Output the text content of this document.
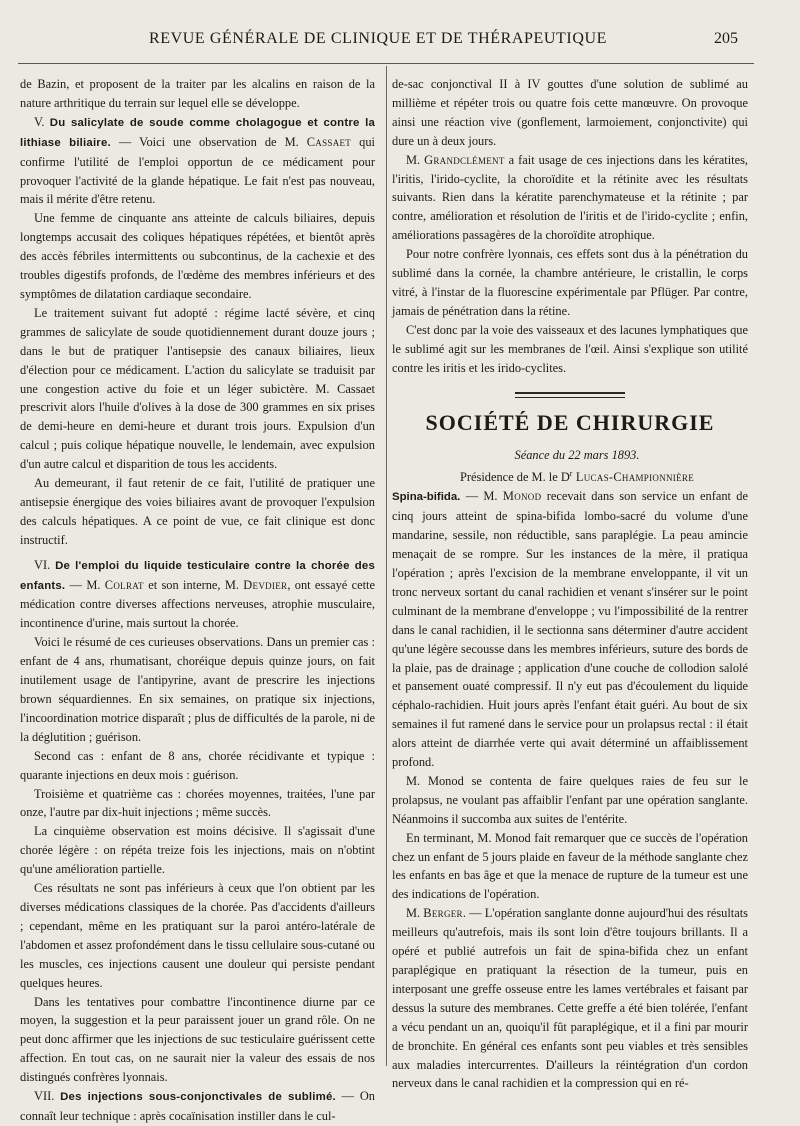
REVUE GÉNÉRALE DE CLINIQUE ET DE THÉRAPEUTIQUE	205

de Bazin, et proposent de la traiter par les alcalins en raison de la nature arthritique du terrain sur lequel elle se développe.

V. Du salicylate de soude comme cholagogue et contre la lithiase biliaire. — Voici une observation de M. Cassaet qui confirme l'utilité de l'emploi opportun de ce médicament pour provoquer l'activité de la glande hépatique. Le fait n'est pas nouveau, mais il mérite d'être retenu.

Une femme de cinquante ans atteinte de calculs biliaires, depuis longtemps accusait des coliques hépatiques répétées, et bientôt après des accès fébriles intermittents ou subcontinus, de la cachexie et des troubles digestifs profonds, de l'œdème des membres inférieurs et des symptômes de dilatation cardiaque secondaire.

Le traitement suivant fut adopté : régime lacté sévère, et cinq grammes de salicylate de soude quotidiennement durant douze jours ; dans le but de pratiquer l'antisepsie des canaux biliaires, lieux d'élection pour ce médicament. L'action du salicylate se traduisit par une congestion active du foie et un léger subictère. M. Cassaet prescrivit alors l'huile d'olives à la dose de 300 grammes en six prises de demi-heure en demi-heure et durant trois jours. Expulsion d'un calcul ; puis colique hépatique nouvelle, le lendemain, avec expulsion d'un autre calcul et disparition de tous les accidents.

Au demeurant, il faut retenir de ce fait, l'utilité de pratiquer une antisepsie énergique des voies biliaires avant de provoquer l'expulsion des calculs hépatiques. A ce point de vue, ce fait clinique est donc instructif.

VI. De l'emploi du liquide testiculaire contre la chorée des enfants. — M. Colrat et son interne, M. Devdier, ont essayé cette médication contre diverses affections nerveuses, atrophie musculaire, incontinence d'urine, mais surtout la chorée.

Voici le résumé de ces curieuses observations. Dans un premier cas : enfant de 4 ans, rhumatisant, choréique depuis quinze jours, on fait inutilement usage de l'antipyrine, avant de prescrire les injections brown séquardiennes. En six semaines, on pratique six injections, l'incoordination motrice disparaît ; plus de difficultés de la parole, ni de la déglutition ; guérison.

Second cas : enfant de 8 ans, chorée récidivante et typique : quarante injections en deux mois : guérison.

Troisième et quatrième cas : chorées moyennes, traitées, l'une par onze, l'autre par dix-huit injections ; même succès.

La cinquième observation est moins décisive. Il s'agissait d'une chorée légère : on répéta treize fois les injections, mais on n'obtint qu'une amélioration partielle.

Ces résultats ne sont pas inférieurs à ceux que l'on obtient par les diverses médications classiques de la chorée. Pas d'accidents d'ailleurs ; cependant, même en les pratiquant sur la paroi antéro-latérale de l'abdomen et assez profondément dans le tissu cellulaire sous-cutané ou les muscles, ces injections causent une douleur qui persiste pendant quelques heures.

Dans les tentatives pour combattre l'incontinence diurne par ce moyen, la suggestion et la peur paraissent jouer un grand rôle. On ne peut donc affirmer que les injections de suc testiculaire guérissent cette affection. En tout cas, on ne saurait nier la valeur des essais de nos distingués confrères lyonnais.

VII. Des injections sous-conjonctivales de sublimé. — On connaît leur technique : après cocaïnisation instiller dans le cul-

de-sac conjonctival II à IV gouttes d'une solution de sublimé au millième et répéter trois ou quatre fois cette manœuvre. On provoque ainsi une réaction vive (gonflement, larmoiement, conjonctivite) qui dure un à deux jours.

M. Grandclément a fait usage de ces injections dans les kératites, l'iritis, l'irido-cyclite, la choroïdite et la rétinite avec les résultats suivants. Rien dans la kératite parenchymateuse et la rétinite ; par contre, amélioration et résolution de l'iritis et de l'irido-cyclite ; enfin, améliorations passagères de la choroïdite atrophique.

Pour notre confrère lyonnais, ces effets sont dus à la pénétration du sublimé dans la cornée, la chambre antérieure, le cristallin, le corps vitré, à l'instar de la fluorescine expérimentale par Pflüger. Par contre, jamais de pénétration dans la rétine.

C'est donc par la voie des vaisseaux et des lacunes lymphatiques que le sublimé agit sur les membranes de l'œil. Ainsi s'explique son utilité contre les iritis et les irido-cyclites.

SOCIÉTÉ DE CHIRURGIE

Séance du 22 mars 1893.

Présidence de M. le $D^r$ Lucas-Championnière

Spina-bifida. — M. Monod recevait dans son service un enfant de cinq jours atteint de spina-bifida lombo-sacré du volume d'une mandarine, sessile, non réductible, sans paraplégie. La peau amincie menaçait de se rompre. Sur les instances de la mère, il pratiqua l'opération ; après l'excision de la membrane enveloppante, il vit un tronc nerveux sortant du canal rachidien et venant s'insérer sur le point culminant de la membrane d'enveloppe ; vu l'impossibilité de la rentrer dans le canal rachidien, il le sectionna sans déterminer d'autre accident qu'une légère secousse dans les membres inférieurs, suture des bords de la plaie, pas de drainage ; application d'une couche de collodion salolé et pansement ouaté compressif. Il n'y eut pas d'écoulement du liquide céphalo-rachidien. Huit jours après l'enfant était guéri. Au bout de six semaines il fut ramené dans le service pour un prolapsus rectal : il était alors atteint de diarrhée verte qui avait déterminé un affaiblissement profond.

M. Monod se contenta de faire quelques raies de feu sur le prolapsus, ne voulant pas affaiblir l'enfant par une opération sanglante. Néanmoins il succomba aux suites de l'entérite.

En terminant, M. Monod fait remarquer que ce succès de l'opération chez un enfant de 5 jours plaide en faveur de la méthode sanglante chez les enfants en bas âge et que la menace de rupture de la tumeur est une des indications de l'opération.

M. Berger. — L'opération sanglante donne aujourd'hui des résultats meilleurs qu'autrefois, mais ils sont loin d'être toujours brillants. Il a opéré et publié autrefois un fait de spina-bifida chez un enfant paraplégique en pratiquant la résection de la tumeur, puis en interposant une greffe osseuse entre les lames vertébrales et faisant par dessus la suture des membranes. Cette greffe a été bien tolérée, l'enfant a vécu pendant un an, quoiqu'il fût paraplégique, et il a fini par mourir de bronchite. En général ces enfants sont peu viables et très sensibles aux maladies intercurrentes. D'ailleurs la réintégration d'un cordon nerveux dans le canal rachidien et la compression qui en ré-
